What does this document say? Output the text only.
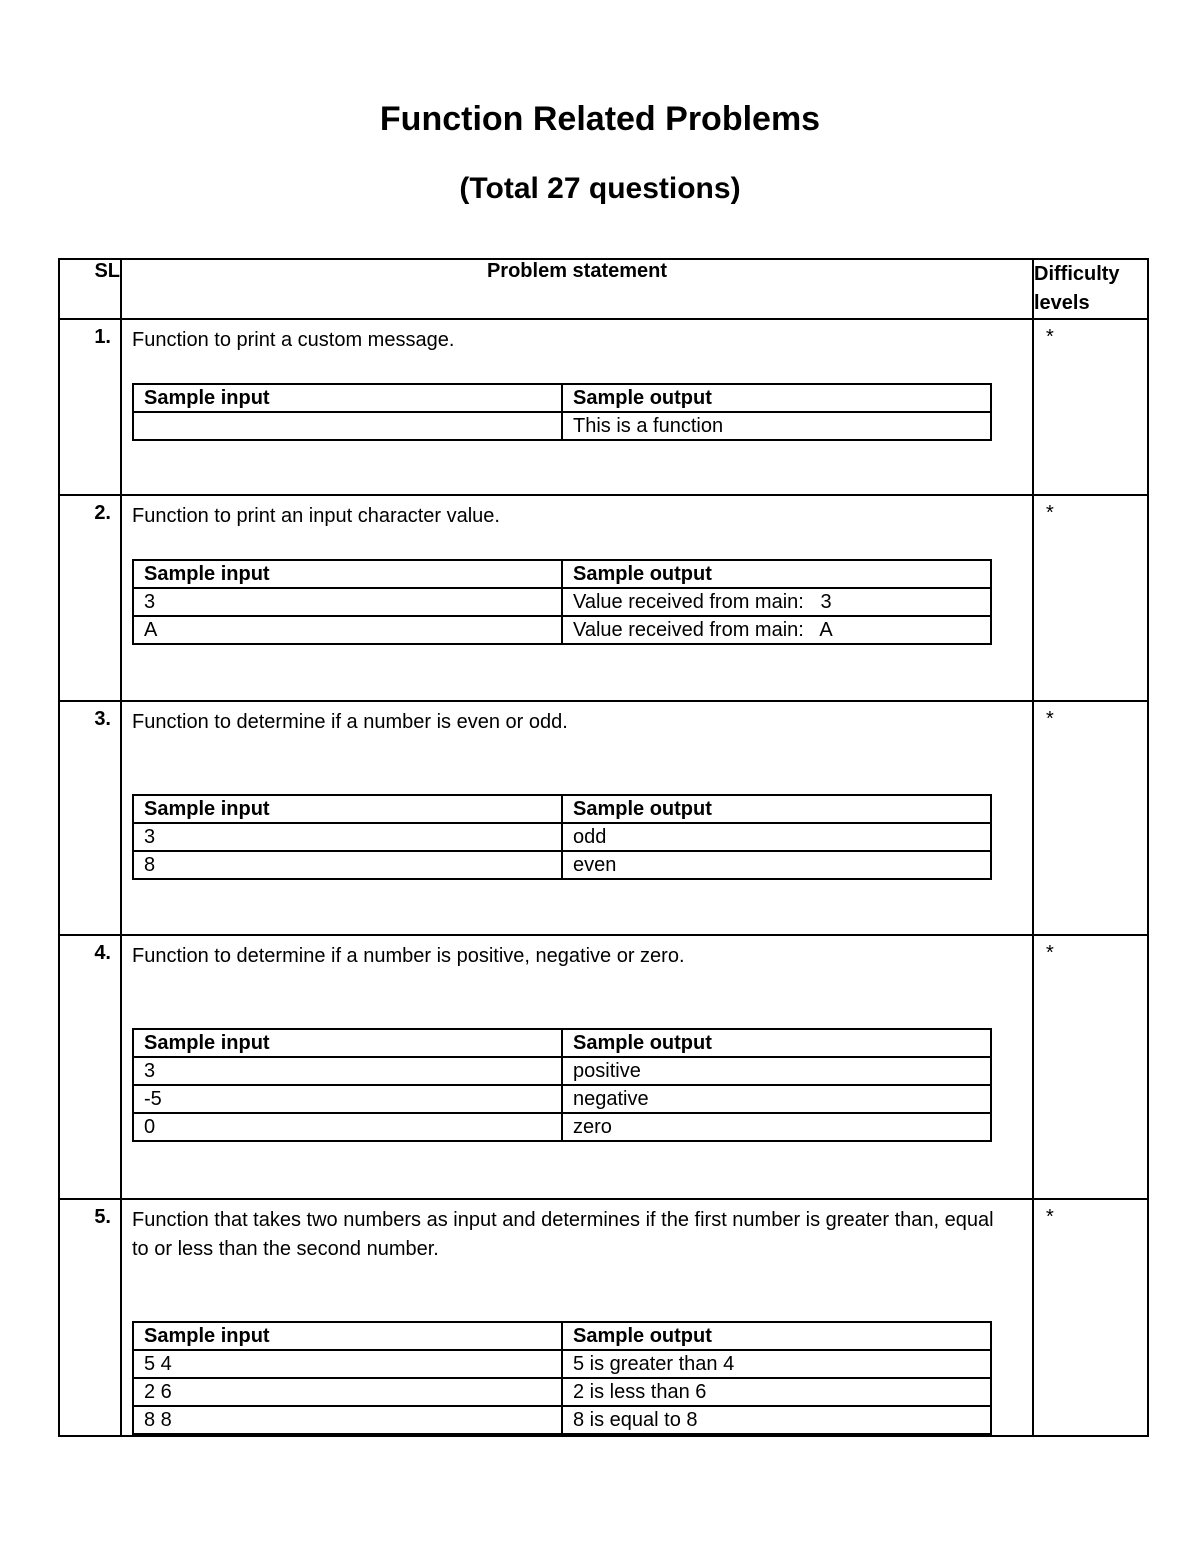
Function Related Problems
(Total 27 questions)
SL	Problem statement	Difficulty levels
1.	Function to print a custom message.
Sample input	Sample output
	This is a function
	*
2.	Function to print an input character value.
Sample input	Sample output
3	Value received from main:   3
A	Value received from main:   A
	*
3.	Function to determine if a number is even or odd.
Sample input	Sample output
3	odd
8	even
	*
4.	Function to determine if a number is positive, negative or zero.
Sample input	Sample output
3	positive
-5	negative
0	zero
	*
5.	Function that takes two numbers as input and determines if the first number is greater than, equal to or less than the second number.
Sample input	Sample output
5 4	5 is greater than 4
2 6	2 is less than 6
8 8	8 is equal to 8
	*
